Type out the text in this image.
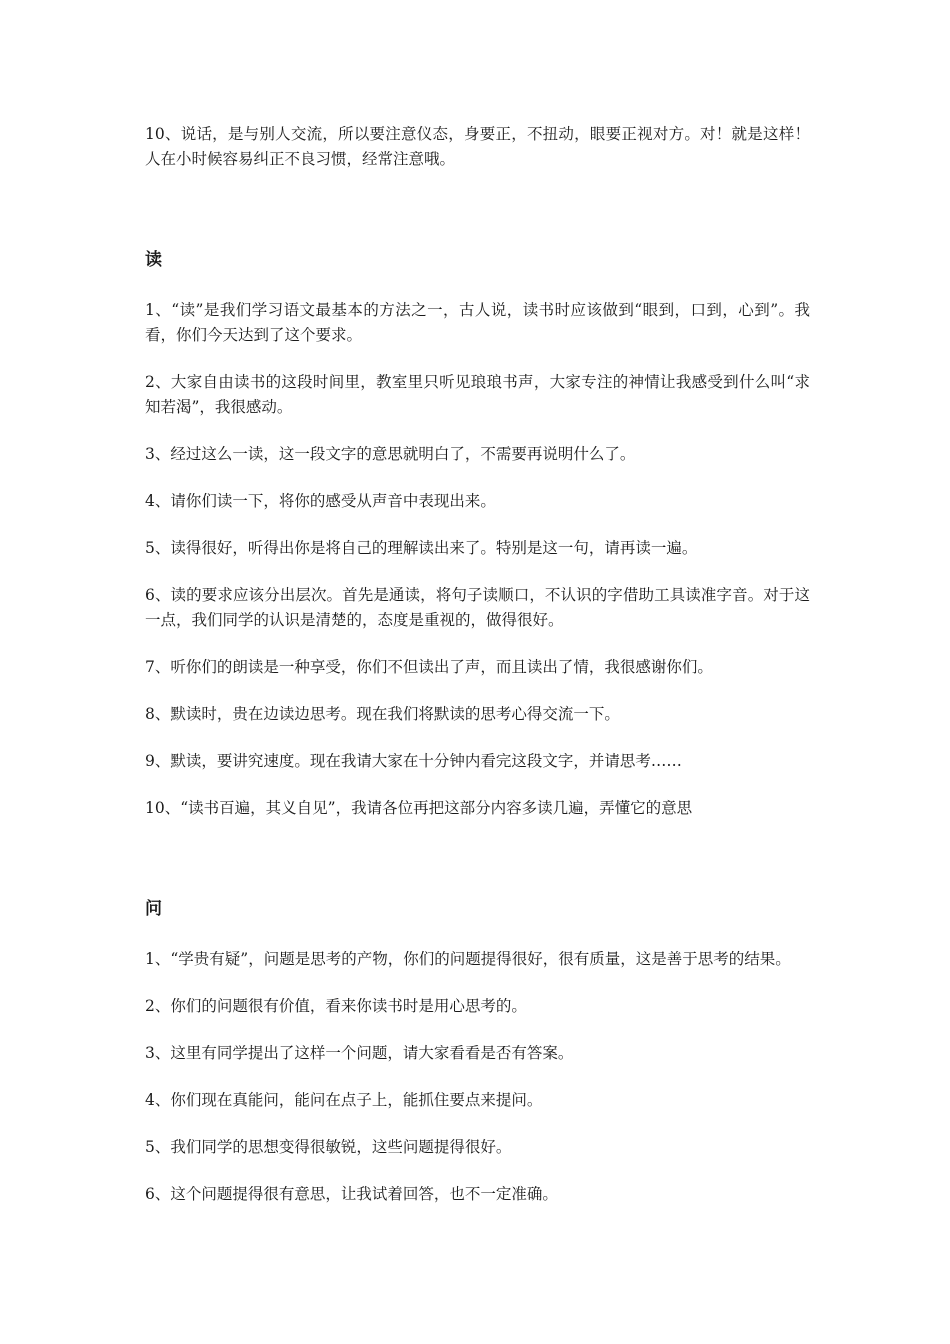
10、说话，是与别人交流，所以要注意仪态，身要正，不扭动，眼要正视对方。对！就是这样！人在小时候容易纠正不良习惯，经常注意哦。

读

1、“读”是我们学习语文最基本的方法之一，古人说，读书时应该做到“眼到，口到，心到”。我看，你们今天达到了这个要求。

2、大家自由读书的这段时间里，教室里只听见琅琅书声，大家专注的神情让我感受到什么叫“求知若渴”，我很感动。

3、经过这么一读，这一段文字的意思就明白了，不需要再说明什么了。

4、请你们读一下，将你的感受从声音中表现出来。

5、读得很好，听得出你是将自己的理解读出来了。特别是这一句，请再读一遍。

6、读的要求应该分出层次。首先是通读，将句子读顺口，不认识的字借助工具读准字音。对于这一点，我们同学的认识是清楚的，态度是重视的，做得很好。

7、听你们的朗读是一种享受，你们不但读出了声，而且读出了情，我很感谢你们。

8、默读时，贵在边读边思考。现在我们将默读的思考心得交流一下。

9、默读，要讲究速度。现在我请大家在十分钟内看完这段文字，并请思考……

10、“读书百遍，其义自见”，我请各位再把这部分内容多读几遍，弄懂它的意思

问

1、“学贵有疑”，问题是思考的产物，你们的问题提得很好，很有质量，这是善于思考的结果。

2、你们的问题很有价值，看来你读书时是用心思考的。

3、这里有同学提出了这样一个问题，请大家看看是否有答案。

4、你们现在真能问，能问在点子上，能抓住要点来提问。

5、我们同学的思想变得很敏锐，这些问题提得很好。

6、这个问题提得很有意思，让我试着回答，也不一定准确。
